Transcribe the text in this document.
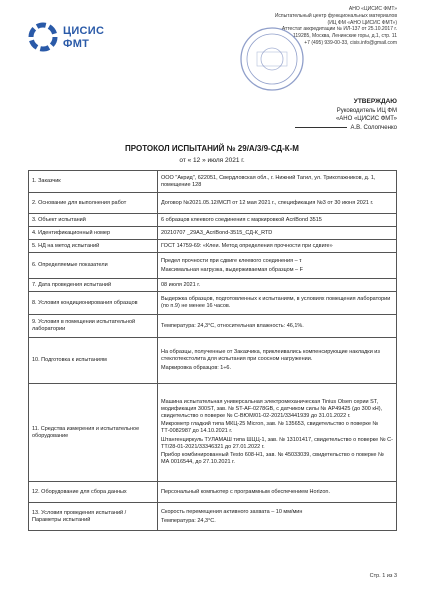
ЦИСИС
ФМТ
АНО «ЦИСИС ФМТ»
Испытательный центр функциональных материалов
(ИЦ ФМ «АНО ЦИСИС ФМТ»)
Аттестат аккредитации № ИЛ-137 от 25.10.2017 г.
119285, Москва, Ленинские горы, д.1, стр. 11
+7 (495) 939-00-33, cisis.info@gmail.com
УТВЕРЖДАЮ
Руководитель ИЦ ФМ
«АНО «ЦИСИС ФМТ»
А.В. Солопченко
ПРОТОКОЛ ИСПЫТАНИЙ № 29/А/3/9-СД-К-М
от « 12 » июля 2021 г.
1. Заказчик	ООО "Акрид", 622051, Свердловская обл., г. Нижний Тагил, ул. Трикотажников, д. 1, помещение 128

2. Основание для выполнения работ	Договор №2021.05.12/МСП от 12 мая 2021 г., спецификация №3 от 30 июня 2021 г.

3. Объект испытаний	6 образцов клеевого соединения с маркировкой AcriBond 3515

4. Идентификационный номер	20210707 _29А3_AcriBond-3515_СД-К_RTD

5. НД на метод испытаний	ГОСТ 14759-69: «Клеи. Метод определения прочности при сдвиге»

6. Определяемые показатели	Предел прочности при сдвиге клеевого соединения – τ
Максимальная нагрузка, выдерживаемая образцом – F

7. Дата проведения испытаний	08 июля 2021 г.

8. Условия кондиционирования образцов	Выдержка образцов, подготовленных к испытаниям, в условиях помещения лаборатории (по п.9) не менее 16 часов.

9. Условия в помещении испытательной лаборатории	Температура: 24,3°С, относительная влажность: 46,1%.

10. Подготовка к испытаниям	На образцы, полученные от Заказчика, приклеивались компенсирующие накладки из стеклотекстолита для испытания при соосном нагружении.
Маркировка образцов: 1÷6.

11. Средства измерения и испытательное оборудование	Машина испытательная универсальная электромеханическая Tinius Olsen серии ST, модификация 300ST, зав. № ST-AF-0278GB, с датчиком силы № AP49425 (до 300 кН), свидетельство о поверке № С-ВЮМ/01-02-2021/33441939 до 31.01.2022 г.
Микрометр гладкий типа МКЦ-25 Micron, зав. № 135653, свидетельство о поверке № ТТ-0082987 до 14.10.2021 г.
Штангенциркуль ТУЛАМАШ типа ШЦЦ-1, зав. № 13101417, свидетельство о поверке № С-ТТ/28-01-2021/33346321 до 27.01.2022 г.
Прибор комбинированный Testo 608-Н1, зав. № 45033039, свидетельство о поверке № МА 0016544, до 27.10.2021 г.

12. Оборудование для сбора данных	Персональный компьютер с программным обеспечением Horizon.

13. Условия проведения испытаний / Параметры испытаний	Скорость перемещения активного захвата – 10 мм/мин
Температура: 24,3°С.
Стр. 1 из 3
